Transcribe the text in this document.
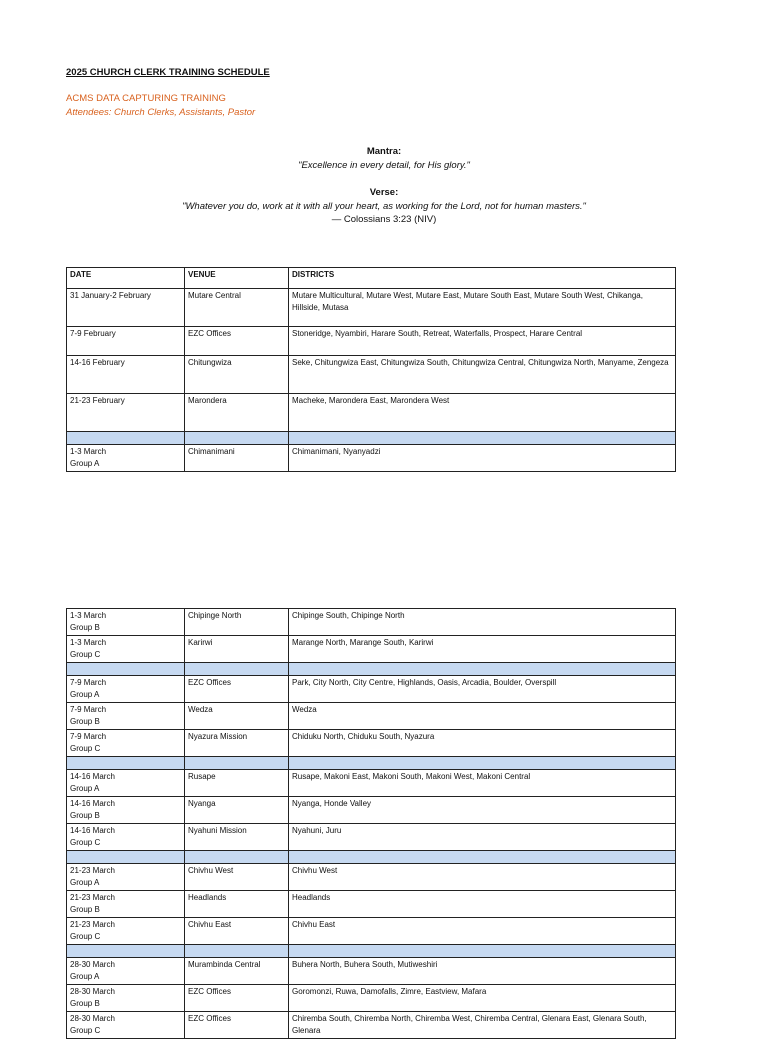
2025 CHURCH CLERK TRAINING SCHEDULE
ACMS DATA CAPTURING TRAINING
Attendees: Church Clerks, Assistants, Pastor
Mantra:
"Excellence in every detail, for His glory."
Verse:
"Whatever you do, work at it with all your heart, as working for the Lord, not for human masters."
— Colossians 3:23 (NIV)
DATE	VENUE	DISTRICTS

31 January-2 February	Mutare Central	Mutare Multicultural, Mutare West, Mutare East, Mutare South East, Mutare South West, Chikanga, Hillside, Mutasa

7-9 February	EZC Offices	Stoneridge, Nyambiri, Harare South, Retreat, Waterfalls, Prospect, Harare Central

14-16 February	Chitungwiza	Seke, Chitungwiza East, Chitungwiza South, Chitungwiza Central, Chitungwiza North, Manyame, Zengeza

21-23 February	Marondera	Macheke, Marondera East, Marondera West

1-3 March
Group A	Chimanimani	Chimanimani, Nyanyadzi
1-3 March
Group B	Chipinge North	Chipinge South, Chipinge North

1-3 March
Group C	Karirwi	Marange North, Marange South, Karirwi

7-9 March
Group A	EZC Offices	Park, City North, City Centre, Highlands, Oasis, Arcadia, Boulder, Overspill

7-9 March
Group B	Wedza	Wedza

7-9 March
Group C	Nyazura Mission	Chiduku North, Chiduku South, Nyazura

14-16 March
Group A	Rusape	Rusape, Makoni East, Makoni South, Makoni West, Makoni Central

14-16 March
Group B	Nyanga	Nyanga, Honde Valley

14-16 March
Group C	Nyahuni Mission	Nyahuni, Juru

21-23 March
Group A	Chivhu West	Chivhu West

21-23 March
Group B	Headlands	Headlands

21-23 March
Group C	Chivhu East	Chivhu East

28-30 March
Group A	Murambinda Central	Buhera North, Buhera South, Mutiweshiri

28-30 March
Group B	EZC Offices	Goromonzi, Ruwa, Damofalls, Zimre, Eastview, Mafara

28-30 March
Group C	EZC Offices	Chiremba South, Chiremba North, Chiremba West, Chiremba Central, Glenara East, Glenara South, Glenara
